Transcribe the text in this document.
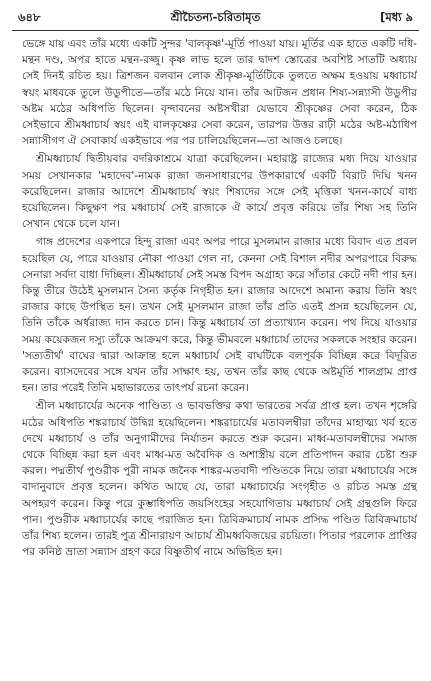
৬৪৮	শ্রীচৈতন্য-চরিতামৃত	[মধ্য ৯

ভেঙ্গে যায় এবং তাঁর মধ্যে একটি সুন্দর 'বালকৃষ্ণ'-মূর্তি পাওয়া যায়। মূর্তির এক হাতে একটি দধি-মন্থন দণ্ড, অপর হাতে মন্থন-রজ্জু। কৃষ্ণ লাভ হলে তার দ্বাদশ স্তোত্রের অবশিষ্ট সাতটি অধ্যায় সেই দিনই রচিত হয়। ত্রিশজন বলবান লোক শ্রীকৃষ্ণ-মূর্তিটিকে তুলতে অক্ষম হওয়ায় মধ্বাচার্য স্বয়ং মাধবকে তুলে উডুপীতে—তাঁর মঠে নিয়ে যান। তাঁর আটজন প্রধান শিষ্য-সন্ন্যাসী উডুপীর অষ্টম মঠের অধিপতি ছিলেন। বৃন্দাবনের অষ্টসখীরা যেভাবে শ্রীকৃষ্ণের সেবা করেন, ঠিক সেইভাবে শ্রীমধ্বাচার্য স্বয়ং এই বালকৃষ্ণের সেবা করেন, তারপর উত্তর রাঢ়ী মঠের অষ্ট-মঠাধিপ সন্ন্যাসীগণ ঐ সেবাকার্য একইভাবে পর পর চালিয়েছিলেন—তা আজও চলছে।

শ্রীমধ্বাচার্য দ্বিতীয়বার বদরিকাশ্রমে যাত্রা করেছিলেন। মহারাষ্ট্র রাজ্যের মধ্য দিয়ে যাওয়ার সময় সেখানকার 'মহাদেব'-নামক রাজা জনসাধারণের উপকারার্থে একটি বিরাট দিঘি খনন করেছিলেন। রাজার আদেশে শ্রীমধ্বাচার্য স্বয়ং শিষ্যদের সঙ্গে সেই মৃত্তিকা খনন-কার্যে বাধ্য হয়েছিলেন। কিছুক্ষণ পর মধ্বাচার্য সেই রাজাকে ঐ কার্যে প্রবৃত্ত করিয়ে তাঁর শিষ্য সহ তিনি সেখান থেকে চলে যান।

গাঙ্গ প্রদেশের একপারে হিন্দু রাজা এবং অপর পারে মুসলমান রাজার মধ্যে বিবাদ এত প্রবল হয়েছিল যে, পারে যাওয়ার নৌকা পাওয়া গেল না, কেননা সেই বিশাল নদীর অপরপারে বিরুদ্ধ সেনারা সর্বদা বাধা দিচ্ছিল। শ্রীমধ্বাচার্য সেই সমস্ত বিপদ অগ্রাহ্য করে সাঁতার কেটে নদী পার হন। কিন্তু তীরে উঠেই মুসলমান সৈন্য কর্তৃক নিগৃহীত হন। রাজার আদেশে অমান্য করায় তিনি স্বয়ং রাজার কাছে উপস্থিত হন। তখন সেই মুসলমান রাজা তাঁর প্রতি এতই প্রসন্ন হয়েছিলেন যে, তিনি তাঁকে অর্ধরাজ্য দান করতে চান। কিন্তু মধ্বাচার্য তা প্রত্যাখ্যান করেন। পথ দিয়ে যাওয়ার সময় কয়েকজন দস্যু তাঁকে আক্রমণ করে, কিন্তু ভীমবলে মধ্বাচার্য তাদের সকলকে সংহার করেন। 'সত্যতীর্থ' বাঘের দ্বারা আক্রান্ত হলে মধ্বাচার্য সেই বাঘটিকে বলপূর্বক বিচ্ছিন্ন করে বিদূরিত করেন। ব্যাসদেবের সঙ্গে যখন তাঁর সাক্ষাৎ হয়, তখন তাঁর কাছ থেকে অষ্টমূর্তি শালগ্রাম প্রাপ্ত হন। তার পরেই তিনি মহাভারতের তাৎপর্য রচনা করেন।

শ্রীল মধ্বাচার্যের অনেক পাণ্ডিত্য ও ভাবভক্তির কথা ভারতের সর্বত্র প্রাপ্ত হল। তখন শৃঙ্গেরি মঠের অধিপতি শঙ্করাচার্য উদ্বিগ্ন হয়েছিলেন। শঙ্করাচার্যের মতাবলম্বীরা তাঁদের মাহাত্ম্য খর্ব হতে দেখে মধ্বাচার্য ও তাঁর অনুগামীদের নির্যাতন করতে শুরু করেন। মাধ্ব-মতাবলম্বীদের সমাজ থেকে বিচ্ছিন্ন করা হল এবং মাধ্ব-মত অবৈদিক ও অশাস্ত্রীয় বলে প্রতিপাদন করার চেষ্টা শুরু করল। পদ্মতীর্থ পুণ্ডরীক পুরী নামক জনৈক শাঙ্কর-মতবাদী পণ্ডিতকে নিয়ে তারা মধ্বাচার্যের সঙ্গে বাদানুবাদে প্রবৃত্ত হলেন। কথিত আছে যে, তারা মধ্বাচার্যের সংগৃহীত ও রচিত সমস্ত গ্রন্থ অপহরণ করেন। কিন্তু পরে কুম্ভাধিপতি জয়সিংহের সহযোগিতায় মধ্বাচার্য সেই গ্রন্থগুলি ফিরে পান। পুণ্ডরীক মধ্বাচার্যের কাছে পরাজিত হন। ত্রিবিক্রমাচার্য নামক প্রসিদ্ধ পণ্ডিত ত্রিবিক্রমাচার্য তাঁর শিষ্য হলেন। তারই পুত্র শ্রীনারায়ণ আচার্য শ্রীমধ্ববিজয়ের রচয়িতা। পিতার পরলোক প্রাপ্তির পর কনিষ্ঠ ভ্রাতা সন্ন্যাস গ্রহণ করে বিষ্ণুতীর্থ নামে অভিহিত হন।
